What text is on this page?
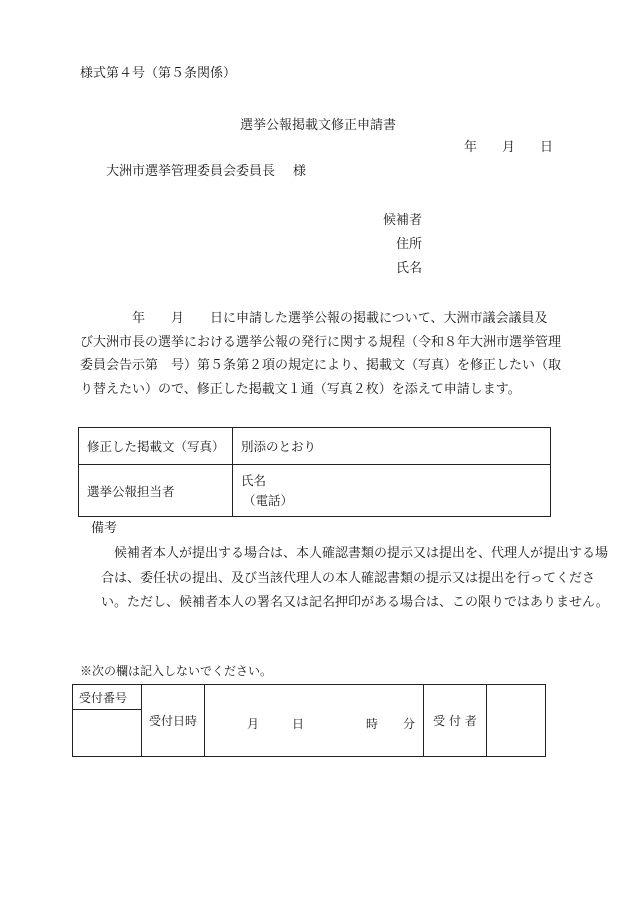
様式第４号（第５条関係）
選挙公報掲載文修正申請書
年 月 日
大洲市選挙管理委員会委員長 様
候補者
住所
氏名
　　　　年　　月　　日に申請した選挙公報の掲載について、大洲市議会議員及
び大洲市長の選挙における選挙公報の発行に関する規程（令和８年大洲市選挙管理
委員会告示第　号）第５条第２項の規定により、掲載文（写真）を修正したい（取
り替えたい）ので、修正した掲載文１通（写真２枚）を添えて申請します。
修正した掲載文（写真）	別添のとおり
選挙公報担当者	氏名
（電話）
備考
候補者本人が提出する場合は、本人確認書類の提示又は提出を、代理人が提出する場
合は、委任状の提出、及び当該代理人の本人確認書類の提示又は提出を行ってくださ
い。ただし、候補者本人の署名又は記名押印がある場合は、この限りではありません。
※次の欄は記入しないでください。
受付番号	受付日時	月	日	時 分	受 付 者	
